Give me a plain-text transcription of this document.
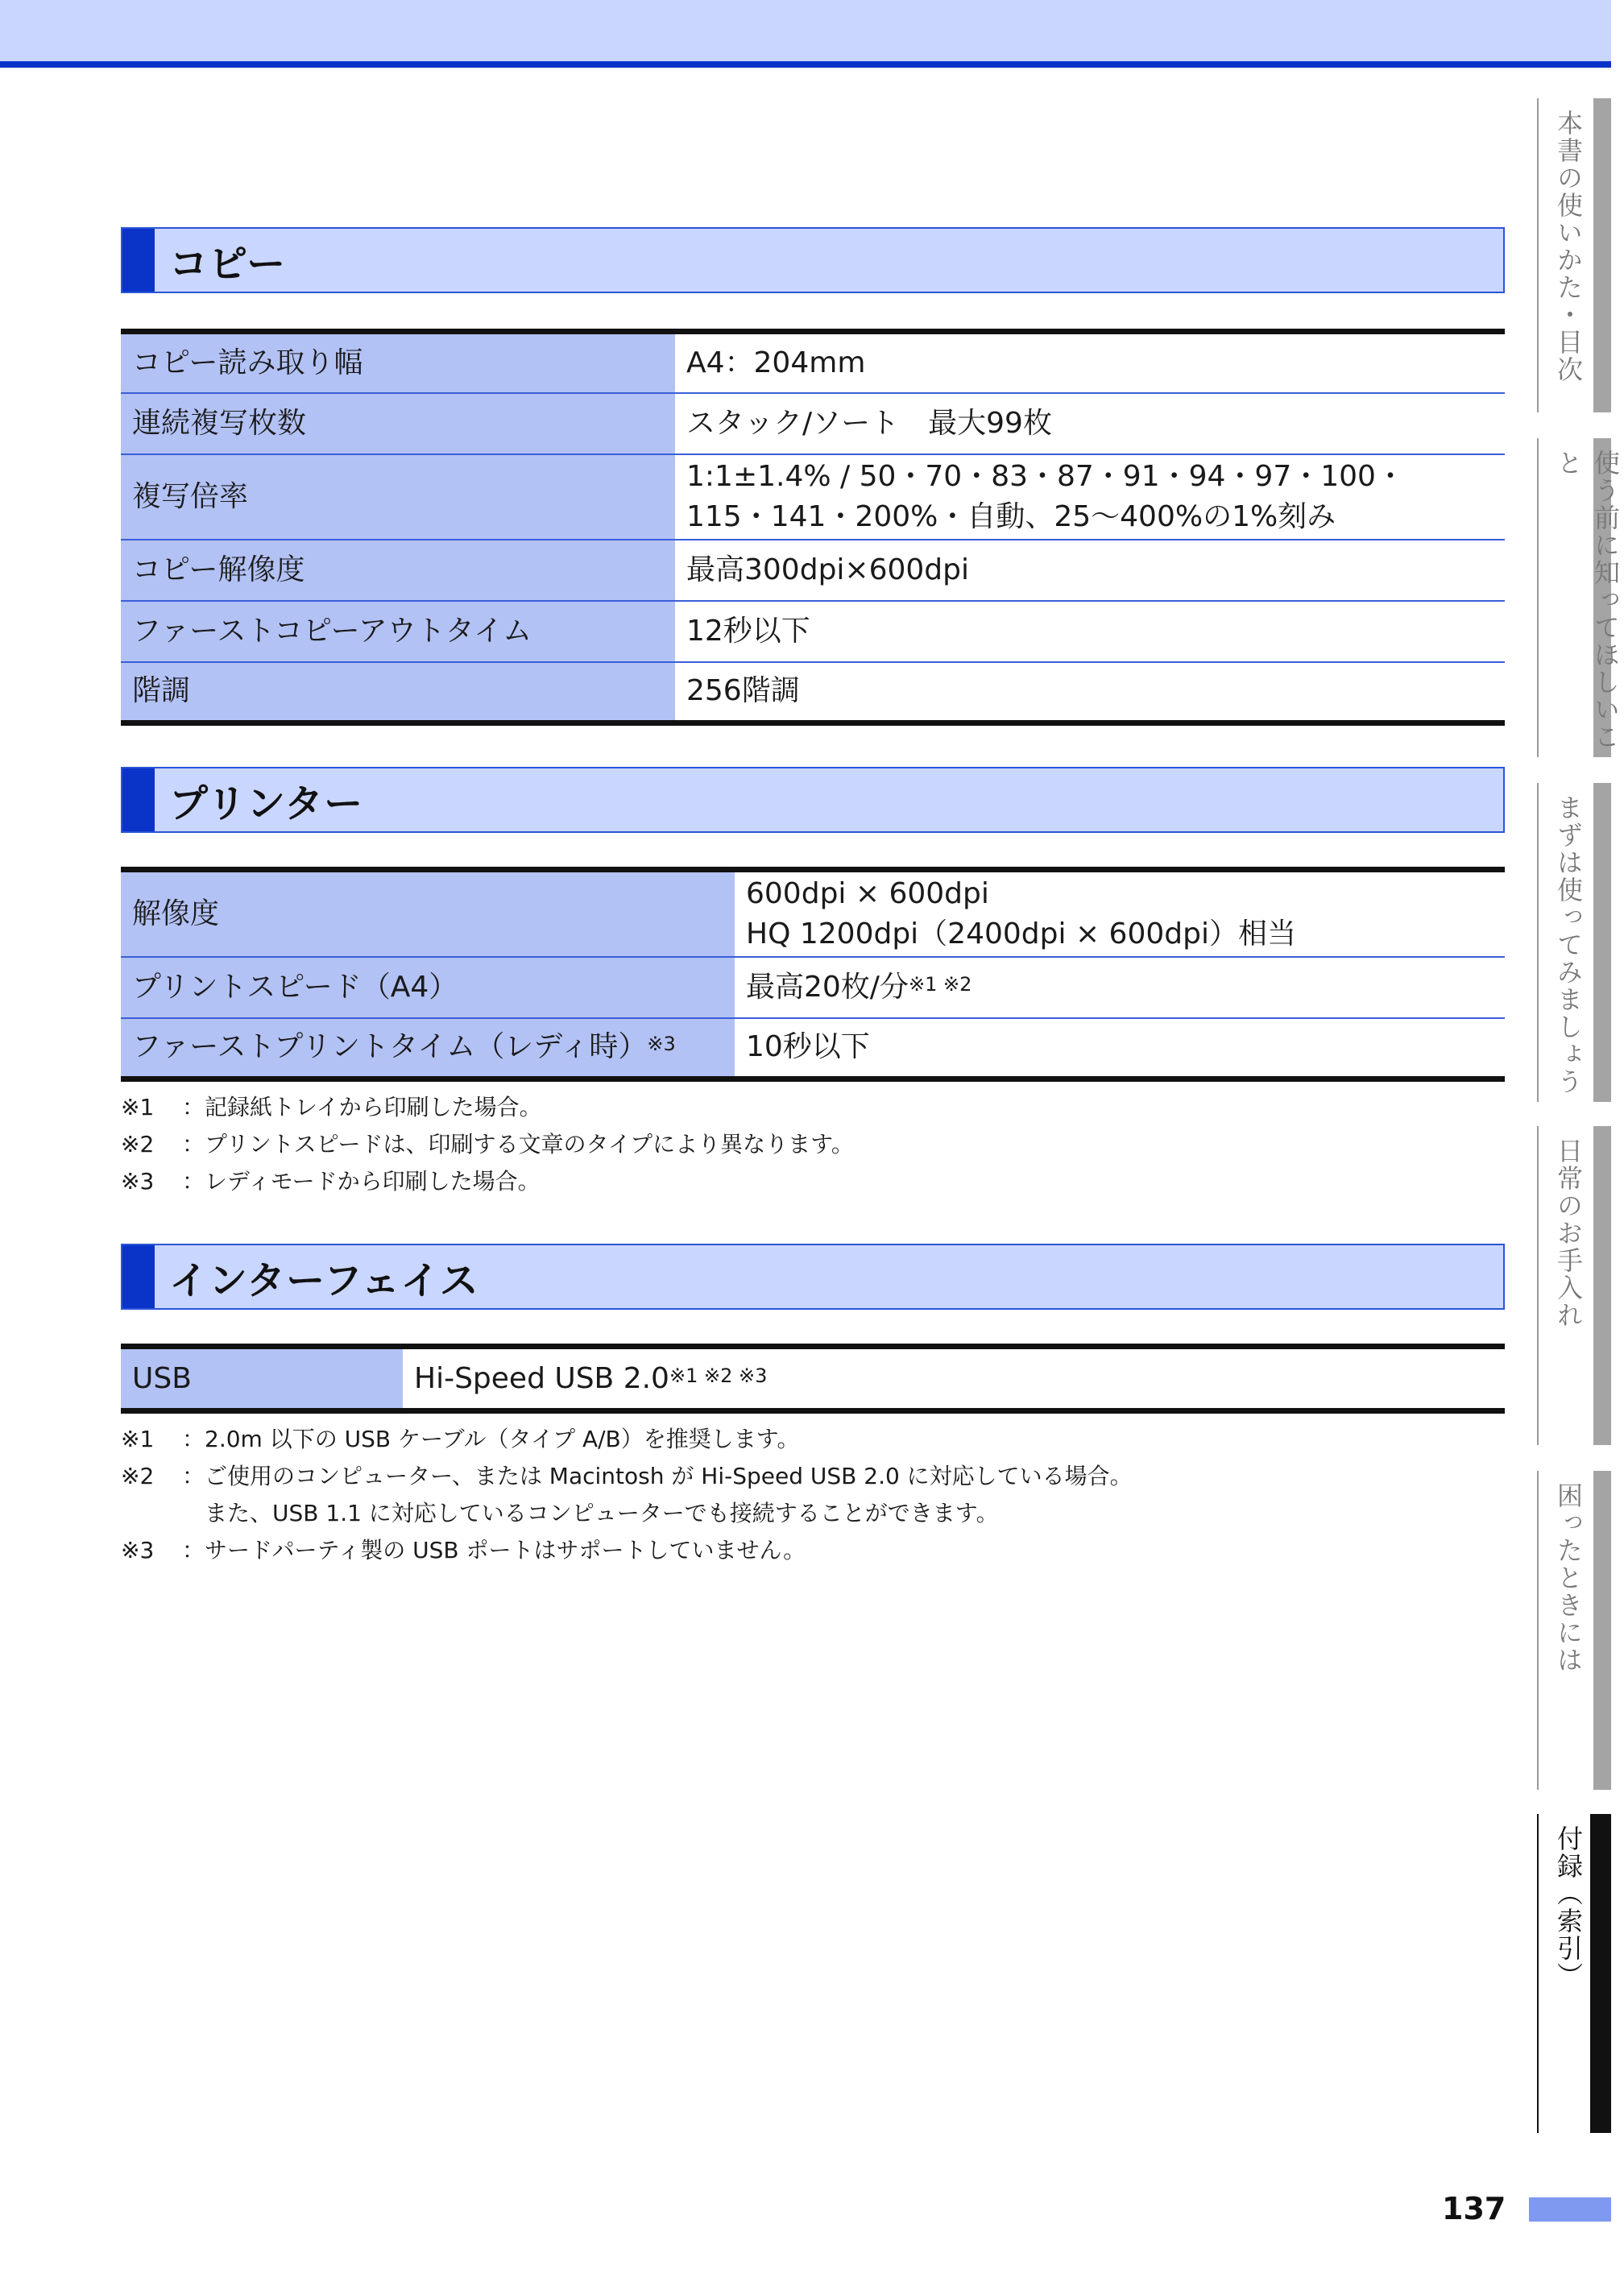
コピー
コピー読み取り幅	A4：204mm
連続複写枚数	スタック/ソート　最大99枚
複写倍率	1:1±1.4% / 50・70・83・87・91・94・97・100・
115・141・200%・自動、25～400%の1%刻み

コピー解像度	最高300dpi×600dpi
ファーストコピーアウトタイム	12秒以下
階調	256階調
プリンター
解像度	600dpi × 600dpi
HQ 1200dpi（2400dpi × 600dpi）相当

プリントスピード（A4）	最高20枚/分$^{※1 ※2}$
ファーストプリントタイム（レディ時）$^{※3}$	10秒以下
※1	：記録紙トレイから印刷した場合。
※2	：プリントスピードは、印刷する文章のタイプにより異なります。
※3	：レディモードから印刷した場合。
インターフェイス
USB	Hi-Speed USB $2.0^{※1 ※2 ※3}$
※1	：2.0m 以下の USB ケーブル（タイプ A/B）を推奨します。
※2	：ご使用のコンピューター、または Macintosh が Hi-Speed USB 2.0 に対応している場合。
また、USB 1.1 に対応しているコンピューターでも接続することができます。
※3	：サードパーティ製の USB ポートはサポートしていません。
本書の使いかた・目次
使う前に知ってほしいこと
まずは使ってみましょう
日常のお手入れ
困ったときには
付録（索引）
137
